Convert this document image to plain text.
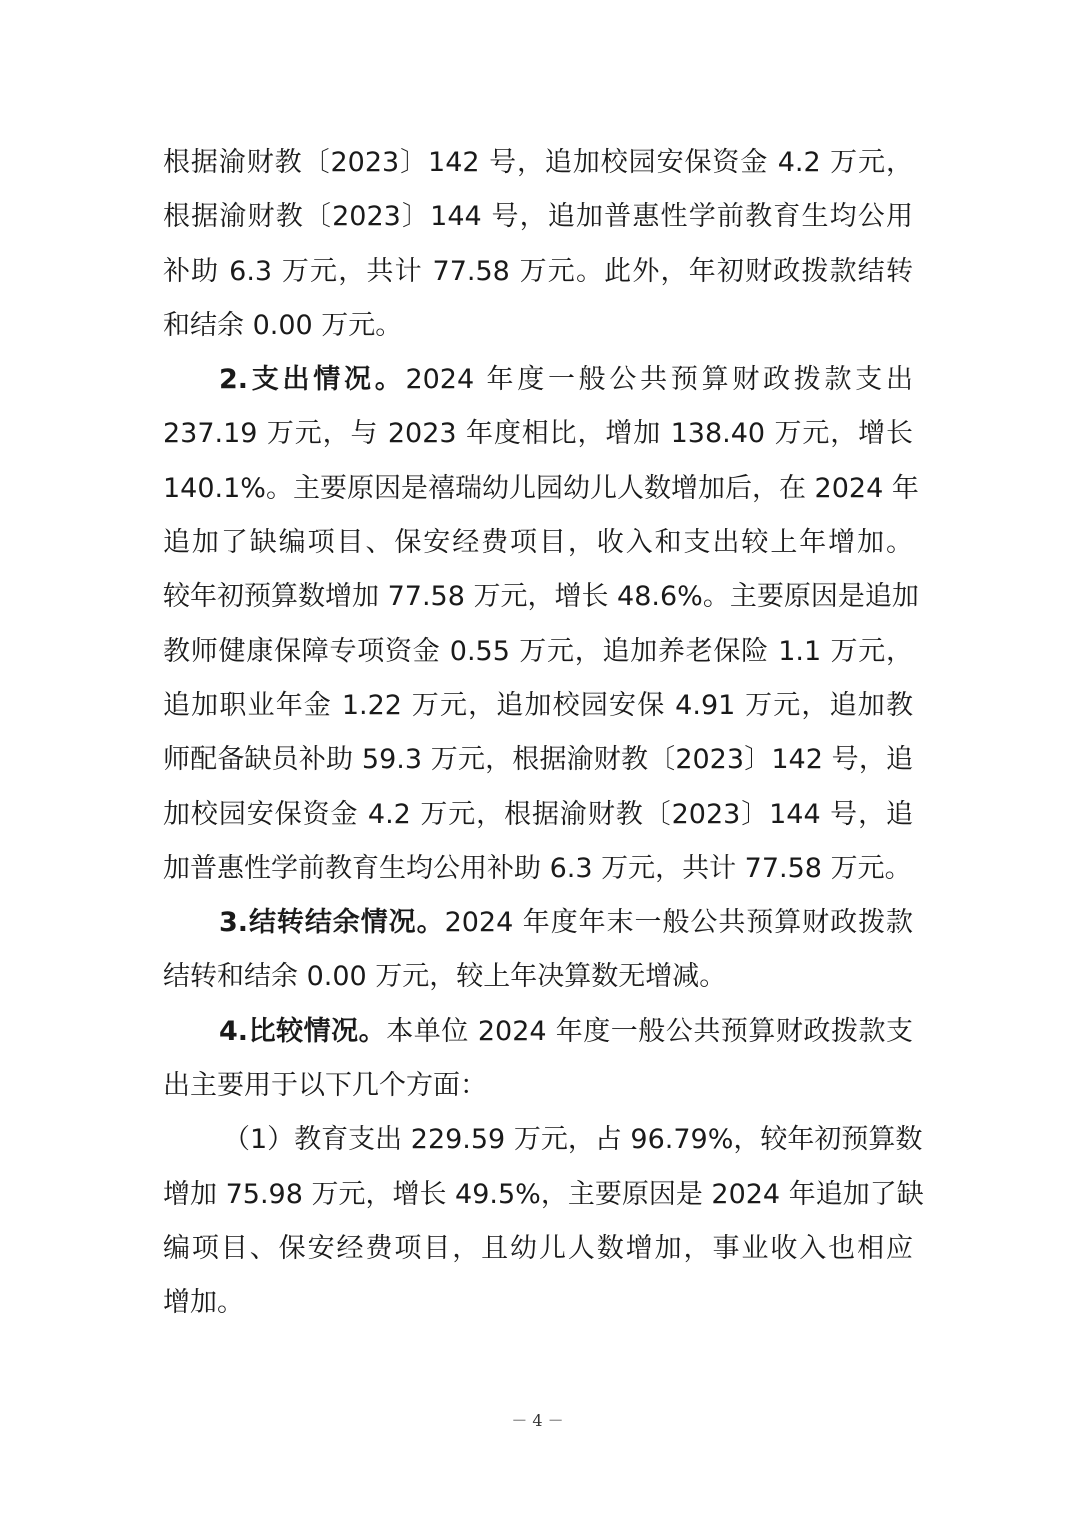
根据渝财教〔2023〕142 号，追加校园安保资金 4.2 万元，
根据渝财教〔2023〕144 号，追加普惠性学前教育生均公用
补助 6.3 万元，共计 77.58 万元。此外，年初财政拨款结转
和结余 0.00 万元。
2.支出情况。2024 年度一般公共预算财政拨款支出
237.19 万元，与 2023 年度相比，增加 138.40 万元，增长
140.1%。主要原因是禧瑞幼儿园幼儿人数增加后，在 2024 年
追加了缺编项目、保安经费项目，收入和支出较上年增加。
较年初预算数增加 77.58 万元，增长 48.6%。主要原因是追加
教师健康保障专项资金 0.55 万元，追加养老保险 1.1 万元，
追加职业年金 1.22 万元，追加校园安保 4.91 万元，追加教
师配备缺员补助 59.3 万元，根据渝财教〔2023〕142 号，追
加校园安保资金 4.2 万元，根据渝财教〔2023〕144 号，追
加普惠性学前教育生均公用补助 6.3 万元，共计 77.58 万元。
3.结转结余情况。2024 年度年末一般公共预算财政拨款
结转和结余 0.00 万元，较上年决算数无增减。
4.比较情况。本单位 2024 年度一般公共预算财政拨款支
出主要用于以下几个方面：
（1）教育支出 229.59 万元，占 96.79%，较年初预算数
增加 75.98 万元，增长 49.5%，主要原因是 2024 年追加了缺
编项目、保安经费项目，且幼儿人数增加，事业收入也相应
增加。
－ 4 －
